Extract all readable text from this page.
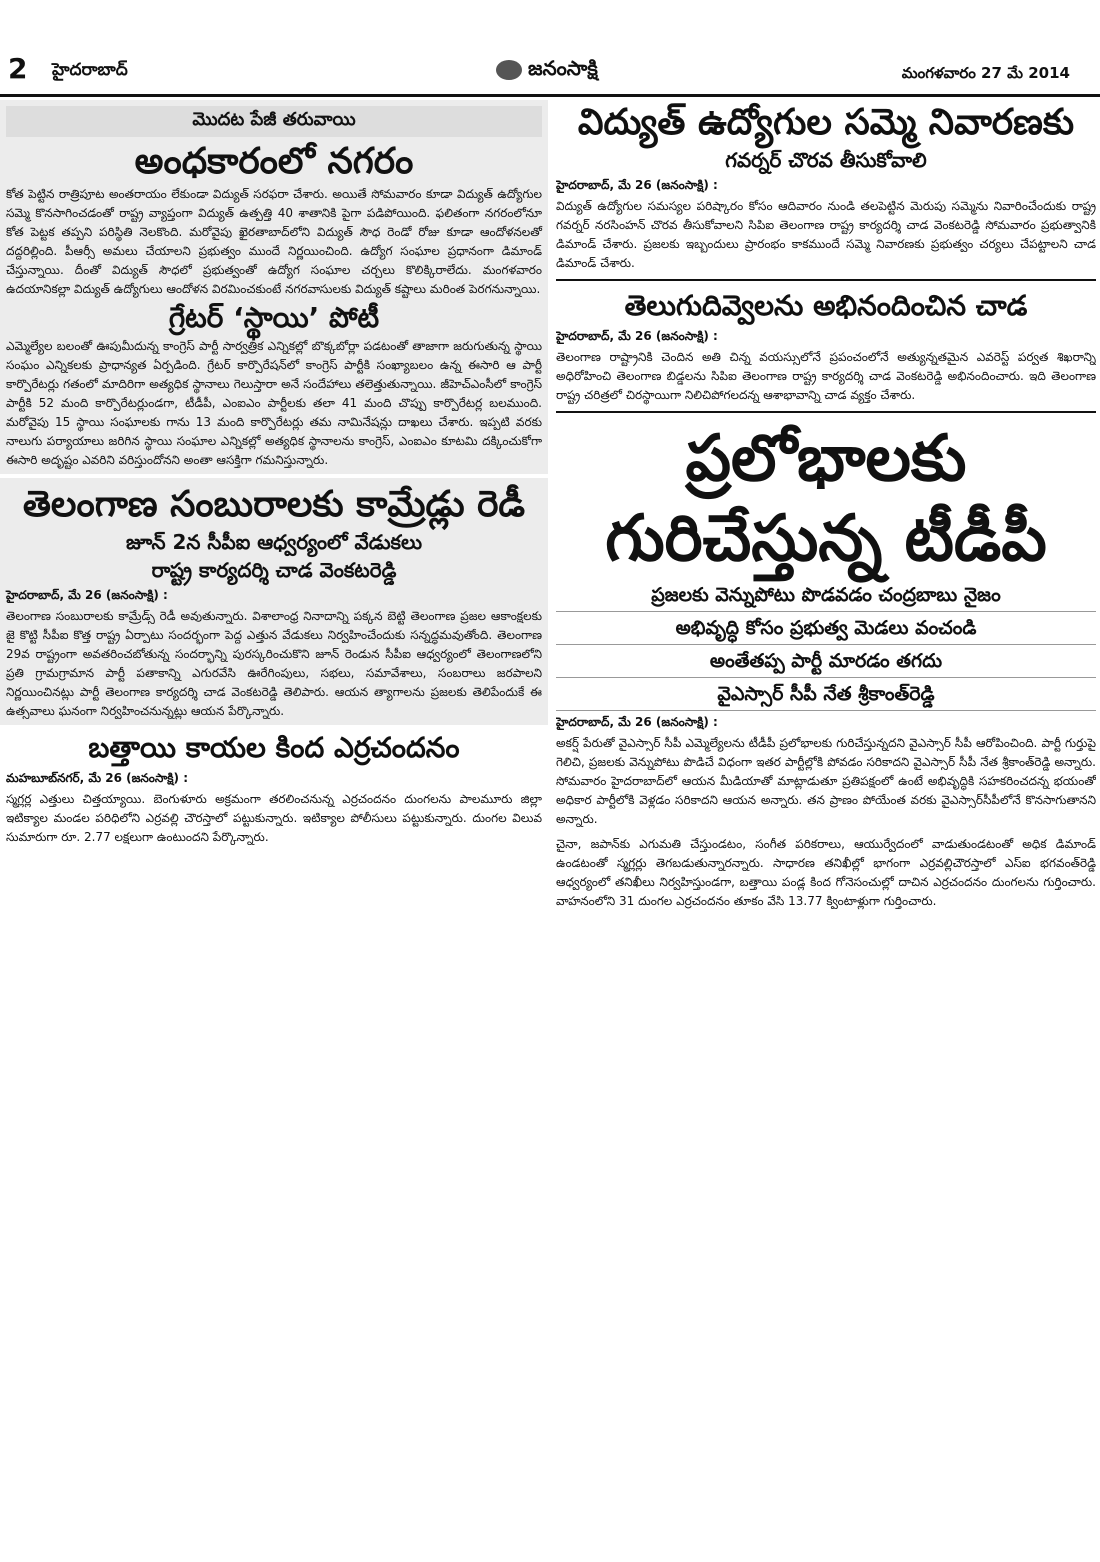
2 హైదరాబాద్	జనంసాక్షి	మంగళవారం 27 మే 2014
మొదట పేజీ తరువాయి
అంధకారంలో నగరం

కోత పెట్టిన రాత్రిపూట అంతరాయం లేకుండా విద్యుత్‌ సరఫరా చేశారు. అయితే సోమవారం కూడా విద్యుత్‌ ఉద్యోగుల సమ్మె కొనసాగించడంతో రాష్ట్ర వ్యాప్తంగా విద్యుత్‌ ఉత్పత్తి 40 శాతానికి పైగా పడిపోయింది. ఫలితంగా నగరంలోనూ కోత పెట్టక తప్పని పరిస్థితి నెలకొంది. మరోవైపు ఖైరతాబాద్‌లోని విద్యుత్‌ సౌధ రెండో రోజు కూడా ఆందోళనలతో దద్దరిల్లింది. పీఆర్సీ అమలు చేయాలని ప్రభుత్వం ముందే నిర్ణయించింది. ఉద్యోగ సంఘాల ప్రధానంగా డిమాండ్‌ చేస్తున్నాయి. దీంతో విద్యుత్‌ సౌధలో ప్రభుత్వంతో ఉద్యోగ సంఘాల చర్చలు కొలిక్కిరాలేదు. మంగళవారం ఉదయానికల్లా విద్యుత్‌ ఉద్యోగులు ఆందోళన విరమించకుంటే నగరవాసులకు విద్యుత్‌ కష్టాలు మరింత పెరగనున్నాయి.

గ్రేటర్‌ ‘స్థాయి’ పోటీ

ఎమ్మెల్యేల బలంతో ఊపుమీదున్న కాంగ్రెస్‌ పార్టీ సార్వత్రిక ఎన్నికల్లో బొక్కబోర్లా పడటంతో తాజాగా జరుగుతున్న స్థాయి సంఘం ఎన్నికలకు ప్రాధాన్యత ఏర్పడింది. గ్రేటర్‌ కార్పొరేషన్‌లో కాంగ్రెస్‌ పార్టీకి సంఖ్యాబలం ఉన్న ఈసారి ఆ పార్టీ కార్పొరేటర్లు గతంలో మాదిరిగా అత్యధిక స్థానాలు గెలుస్తారా అనే సందేహాలు తలెత్తుతున్నాయి. జీహెచ్‌ఎంసీలో కాంగ్రెస్‌ పార్టీకి 52 మంది కార్పొరేటర్లుండగా, టీడీపీ, ఎంఐఎం పార్టీలకు తలా 41 మంది చొప్పు కార్పొరేటర్ల బలముంది. మరోవైపు 15 స్థాయి సంఘాలకు గాను 13 మంది కార్పొరేటర్లు తమ నామినేషన్లు దాఖలు చేశారు. ఇప్పటి వరకు నాలుగు పర్యాయాలు జరిగిన స్థాయి సంఘాల ఎన్నికల్లో అత్యధిక స్థానాలను కాంగ్రెస్‌, ఎంఐఎం కూటమి దక్కించుకోగా ఈసారి అదృష్టం ఎవరిని వరిస్తుందోనని అంతా ఆసక్తిగా గమనిస్తున్నారు.

తెలంగాణ సంబురాలకు కామ్రేడ్లు రెడీ
జూన్‌ 2న సీపీఐ ఆధ్వర్యంలో వేడుకలు
రాష్ట్ర కార్యదర్శి చాడ వెంకటరెడ్డి
హైదరాబాద్‌, మే 26 (జనంసాక్షి) :

తెలంగాణ సంబురాలకు కామ్రేడ్స్‌ రెడీ అవుతున్నారు. విశాలాంధ్ర నినాదాన్ని పక్కన బెట్టి తెలంగాణ ప్రజల ఆకాంక్షలకు జై కొట్టి సీపీఐ కొత్త రాష్ట్ర ఏర్పాటు సందర్భంగా పెద్ద ఎత్తున వేడుకలు నిర్వహించేందుకు సన్నద్ధమవుతోంది. తెలంగాణ 29వ రాష్ట్రంగా అవతరించబోతున్న సందర్భాన్ని పురస్కరించుకొని జూన్‌ రెండున సీపీఐ ఆధ్వర్యంలో తెలంగాణలోని ప్రతి గ్రామగ్రామాన పార్టీ పతాకాన్ని ఎగురవేసి ఊరేగింపులు, సభలు, సమావేశాలు, సంబరాలు జరపాలని నిర్ణయించినట్లు పార్టీ తెలంగాణ కార్యదర్శి చాడ వెంకటరెడ్డి తెలిపారు. ఆయన త్యాగాలను ప్రజలకు తెలిపేందుకే ఈ ఉత్సవాలు ఘనంగా నిర్వహించనున్నట్లు ఆయన పేర్కొన్నారు.

బత్తాయి కాయల కింద ఎర్రచందనం
మహబూబ్‌నగర్‌, మే 26 (జనంసాక్షి) :

స్మగ్లర్ల ఎత్తులు చిత్తయ్యాయి. బెంగుళూరు అక్రమంగా తరలించనున్న ఎర్రచందనం దుంగలను పాలమూరు జిల్లా ఇటిక్యాల మండల పరిధిలోని ఎర్రవల్లి చౌరస్తాలో పట్టుకున్నారు. ఇటిక్యాల పోలీసులు పట్టుకున్నారు. దుంగల విలువ సుమారుగా రూ. 2.77 లక్షలుగా ఉంటుందని పేర్కొన్నారు.

విద్యుత్‌ ఉద్యోగుల సమ్మె నివారణకు
గవర్నర్‌ చొరవ తీసుకోవాలి
హైదరాబాద్‌, మే 26 (జనంసాక్షి) :

విద్యుత్‌ ఉద్యోగుల సమస్యల పరిష్కారం కోసం ఆదివారం నుండి తలపెట్టిన మెరుపు సమ్మెను నివారించేందుకు రాష్ట్ర గవర్నర్‌ నరసింహన్‌ చొరవ తీసుకోవాలని సిపిఐ తెలంగాణ రాష్ట్ర కార్యదర్శి చాడ వెంకటరెడ్డి సోమవారం ప్రభుత్వానికి డిమాండ్‌ చేశారు. ప్రజలకు ఇబ్బందులు ప్రారంభం కాకముందే సమ్మె నివారణకు ప్రభుత్వం చర్యలు చేపట్టాలని చాడ డిమాండ్‌ చేశారు.

తెలుగుదివ్వెలను అభినందించిన చాడ
హైదరాబాద్‌, మే 26 (జనంసాక్షి) :

తెలంగాణ రాష్ట్రానికి చెందిన అతి చిన్న వయస్సులోనే ప్రపంచంలోనే అత్యున్నతమైన ఎవరెస్ట్‌ పర్వత శిఖరాన్ని అధిరోహించి తెలంగాణ బిడ్డలను సిపిఐ తెలంగాణ రాష్ట్ర కార్యదర్శి చాడ వెంకటరెడ్డి అభినందించారు. ఇది తెలంగాణ రాష్ట్ర చరిత్రలో చిరస్థాయిగా నిలిచిపోగలదన్న ఆశాభావాన్ని చాడ వ్యక్తం చేశారు.

ప్రలోభాలకు
గురిచేస్తున్న టీడీపీ
ప్రజలకు వెన్నుపోటు పొడవడం చంద్రబాబు నైజం
అభివృద్ధి కోసం ప్రభుత్వ మెడలు వంచండి
అంతేతప్ప పార్టీ మారడం తగదు
వైఎస్సార్‌ సీపీ నేత శ్రీకాంత్‌రెడ్డి
హైదరాబాద్‌, మే 26 (జనంసాక్షి) :

అకర్ష్‌ పేరుతో వైఎస్సార్‌ సీపీ ఎమ్మెల్యేలను టీడీపీ ప్రలోభాలకు గురిచేస్తున్నదని వైఎస్సార్‌ సీపీ ఆరోపించింది. పార్టీ గుర్తుపై గెలిచి, ప్రజలకు వెన్నుపోటు పొడిచే విధంగా ఇతర పార్టీల్లోకి పోవడం సరికాదని వైఎస్సార్‌ సీపీ నేత శ్రీకాంత్‌రెడ్డి అన్నారు. సోమవారం హైదరాబాద్‌లో ఆయన మీడియాతో మాట్లాడుతూ ప్రతిపక్షంలో ఉంటే అభివృద్ధికి సహకరించదన్న భయంతో అధికార పార్టీలోకి వెళ్లడం సరికాదని ఆయన అన్నారు. తన ప్రాణం పోయేంత వరకు వైఎస్సార్‌సీపీలోనే కొనసాగుతానని అన్నారు.

చైనా, జపాన్‌కు ఎగుమతి చేస్తుండటం, సంగీత పరికరాలు, ఆయుర్వేదంలో వాడుతుండటంతో అధిక డిమాండ్‌ ఉండటంతో స్మగ్లర్లు తెగబడుతున్నారన్నారు. సాధారణ తనిఖీల్లో భాగంగా ఎర్రవల్లిచౌరస్తాలో ఎస్‌ఐ భగవంత్‌రెడ్డి ఆధ్వర్యంలో తనిఖీలు నిర్వహిస్తుండగా, బత్తాయి పండ్ల కింద గోనెసంచుల్లో దాచిన ఎర్రచందనం దుంగలను గుర్తించారు. వాహనంలోని 31 దుంగల ఎర్రచందనం తూకం వేసి 13.77 క్వింటాళ్లుగా గుర్తించారు.
